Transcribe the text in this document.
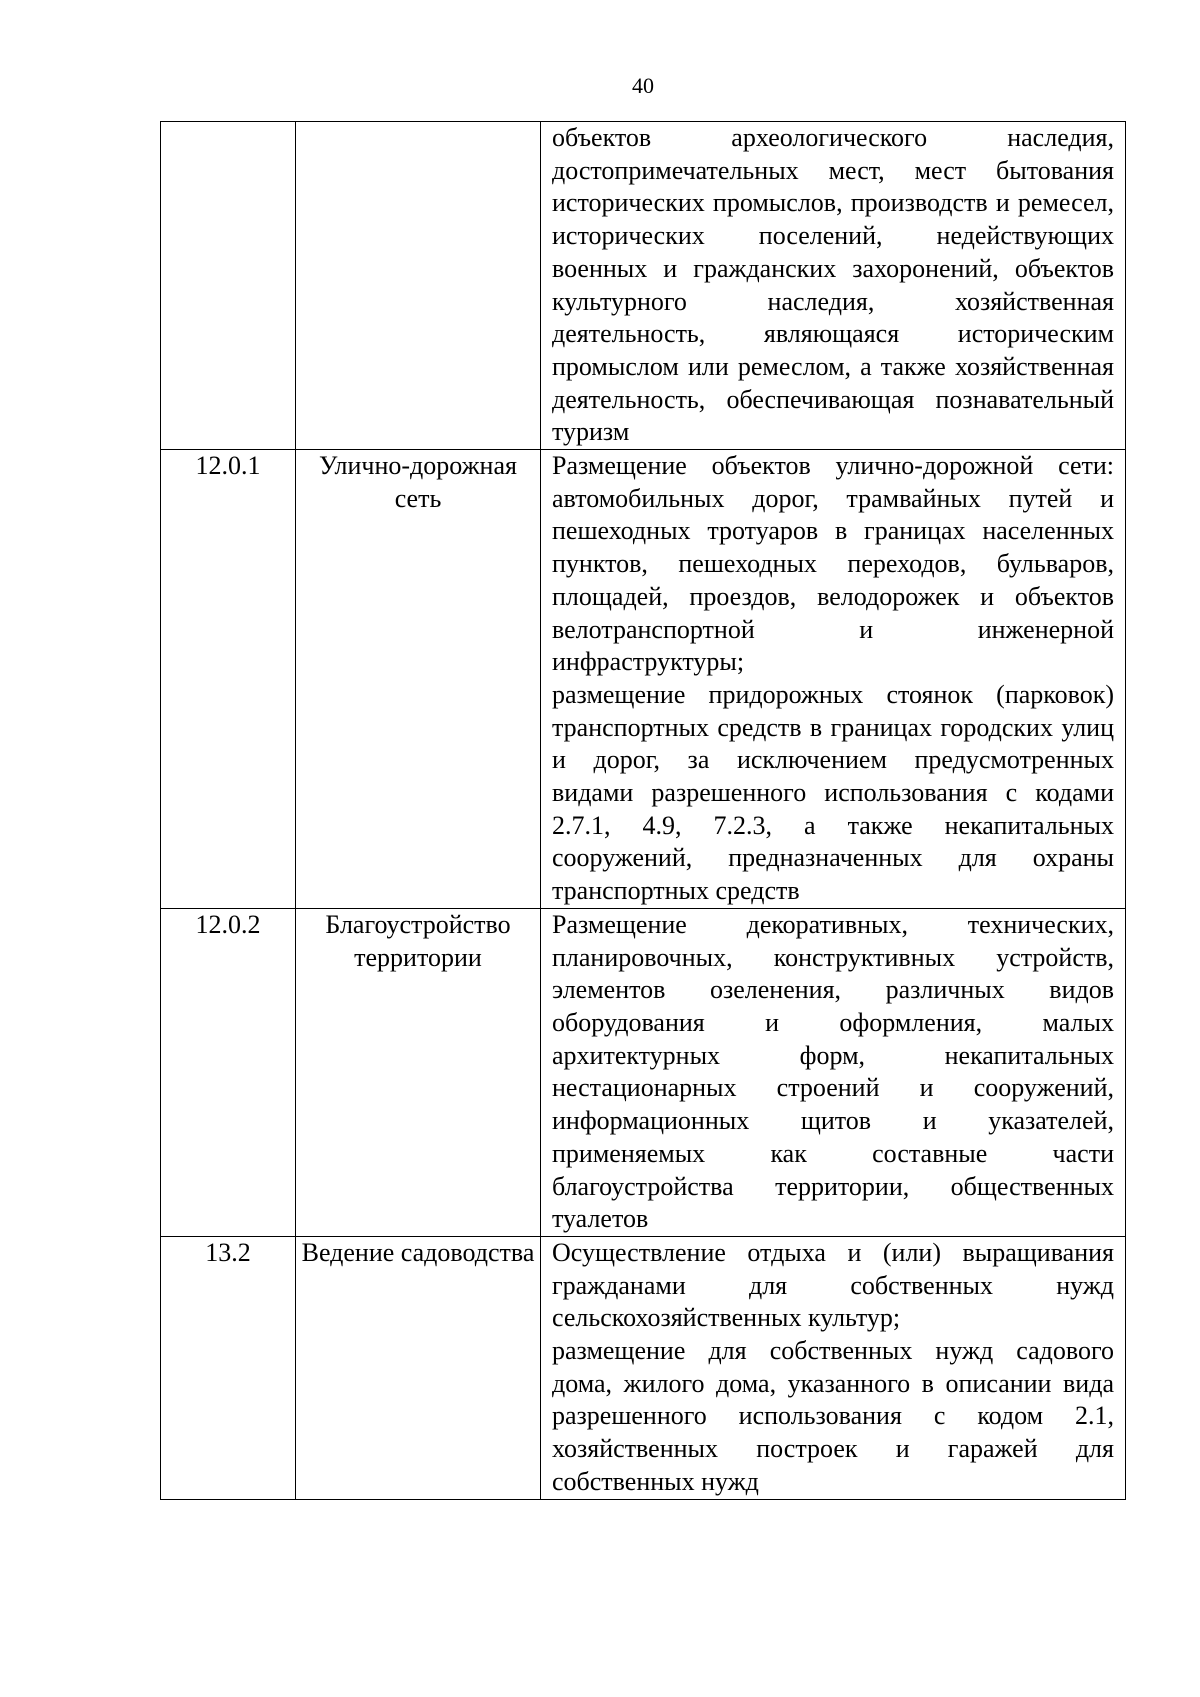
40

		объектов археологического наследия, достопримечательных мест, мест бытования исторических промыслов, производств и ремесел, исторических поселений, недействующих военных и гражданских захоронений, объектов культурного наследия, хозяйственная деятельность, являющаяся историческим промыслом или ремеслом, а также хозяйственная деятельность, обеспечивающая познавательный туризм

12.0.1	Улично-дорожная сеть	Размещение объектов улично-дорожной сети: автомобильных дорог, трамвайных путей и пешеходных тротуаров в границах населенных пунктов, пешеходных переходов, бульваров, площадей, проездов, велодорожек и объектов велотранспортной и инженерной инфраструктуры;
размещение придорожных стоянок (парковок) транспортных средств в границах городских улиц и дорог, за исключением предусмотренных видами разрешенного использования с кодами 2.7.1, 4.9, 7.2.3, а также некапитальных сооружений, предназначенных для охраны транспортных средств

12.0.2	Благоустройство территории	Размещение декоративных, технических, планировочных, конструктивных устройств, элементов озеленения, различных видов оборудования и оформления, малых архитектурных форм, некапитальных нестационарных строений и сооружений, информационных щитов и указателей, применяемых как составные части благоустройства территории, общественных туалетов

13.2	Ведение садоводства	Осуществление отдыха и (или) выращивания гражданами для собственных нужд сельскохозяйственных культур;
размещение для собственных нужд садового дома, жилого дома, указанного в описании вида разрешенного использования с кодом 2.1, хозяйственных построек и гаражей для собственных нужд
